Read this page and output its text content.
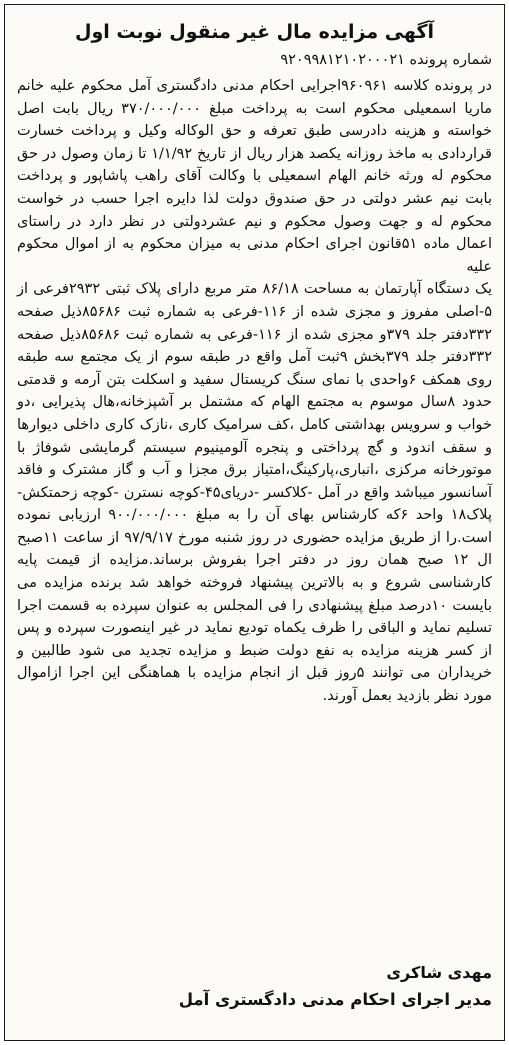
آگهی مزایده مال غیر منقول نوبت اول
شماره پرونده ۹۲۰۹۹۸۱۲۱۰۲۰۰۰۲۱

در پرونده کلاسه ۹۶۰۹۶۱اجرایی احکام مدنی دادگستری آمل محکوم علیه خانم ماریا اسمعیلی محکوم است به پرداخت مبلغ ۳۷۰/۰۰۰/۰۰۰ ریال بابت اصل خواسته و هزینه دادرسی طبق تعرفه و حق الوکاله وکیل و پرداخت خسارت قراردادی به ماخذ روزانه یکصد هزار ریال از تاریخ ۱/۱/۹۲ تا زمان وصول در حق محکوم له ورثه خانم الهام اسمعیلی با وکالت آقای راهب پاشاپور و پرداخت بابت نیم عشر دولتی در حق صندوق دولت لذا دایره اجرا حسب در خواست محکوم له و جهت وصول محکوم و نیم عشردولتی در نظر دارد در راستای اعمال ماده ۵۱قانون اجرای احکام مدنی به میزان محکوم به از اموال محکوم علیه

یک دستگاه آپارتمان به مساحت ۸۶/۱۸ متر مربع دارای پلاک ثبتی ۲۹۳۲فرعی از ۵-اصلی مفروز و مجزی شده از ۱۱۶-فرعی به شماره ثبت ۸۵۶۸۶ذیل صفحه ۳۳۲دفتر جلد ۳۷۹و مجزی شده از ۱۱۶-فرعی به شماره ثبت ۸۵۶۸۶ذیل صفحه ۳۳۲دفتر جلد ۳۷۹بخش ۹ثبت آمل واقع در طبقه سوم از یک مجتمع سه طبقه روی همکف ۶واحدی با نمای سنگ کریستال سفید و اسکلت بتن آرمه و قدمتی حدود ۸سال موسوم به مجتمع الهام که مشتمل بر آشپزخانه،هال پذیرایی ،دو خواب و سرویس بهداشتی کامل ،کف سرامیک کاری ،نازک کاری داخلی دیوارها و سقف اندود و گچ پرداختی و پنجره آلومینیوم سیستم گرمایشی شوفاژ با موتورخانه مرکزی ،انباری،پارکینگ،امتیاز برق مجزا و آب و گاز مشترک و فاقد آسانسور میباشد واقع در آمل -کلاکسر -دریای۴۵-کوچه نسترن -کوچه زحمتکش-پلاک۱۸ واحد ۶که کارشناس بهای آن را به مبلغ ۹۰۰/۰۰۰/۰۰۰ ارزیابی نموده است.را از طریق مزایده حضوری در روز شنبه مورخ ۹۷/۹/۱۷ از ساعت ۱۱صبح ال ۱۲ صبح همان روز در دفتر اجرا بفروش برساند.مزایده از قیمت پایه کارشناسی شروع و به بالاترین پیشنهاد فروخته خواهد شد برنده مزایده می بایست ۱۰درصد مبلغ پیشنهادی را فی المجلس به عنوان سپرده به قسمت اجرا تسلیم نماید و الباقی را ظرف یکماه تودیع نماید در غیر اینصورت سپرده و پس از کسر هزینه مزایده به نفع دولت ضبط و مزایده تجدید می شود طالبین و خریداران می توانند ۵روز قبل از انجام مزایده با هماهنگی این اجرا ازاموال مورد نظر بازدید بعمل آورند.

مهدی شاکری
مدیر اجرای احکام مدنی دادگستری آمل
